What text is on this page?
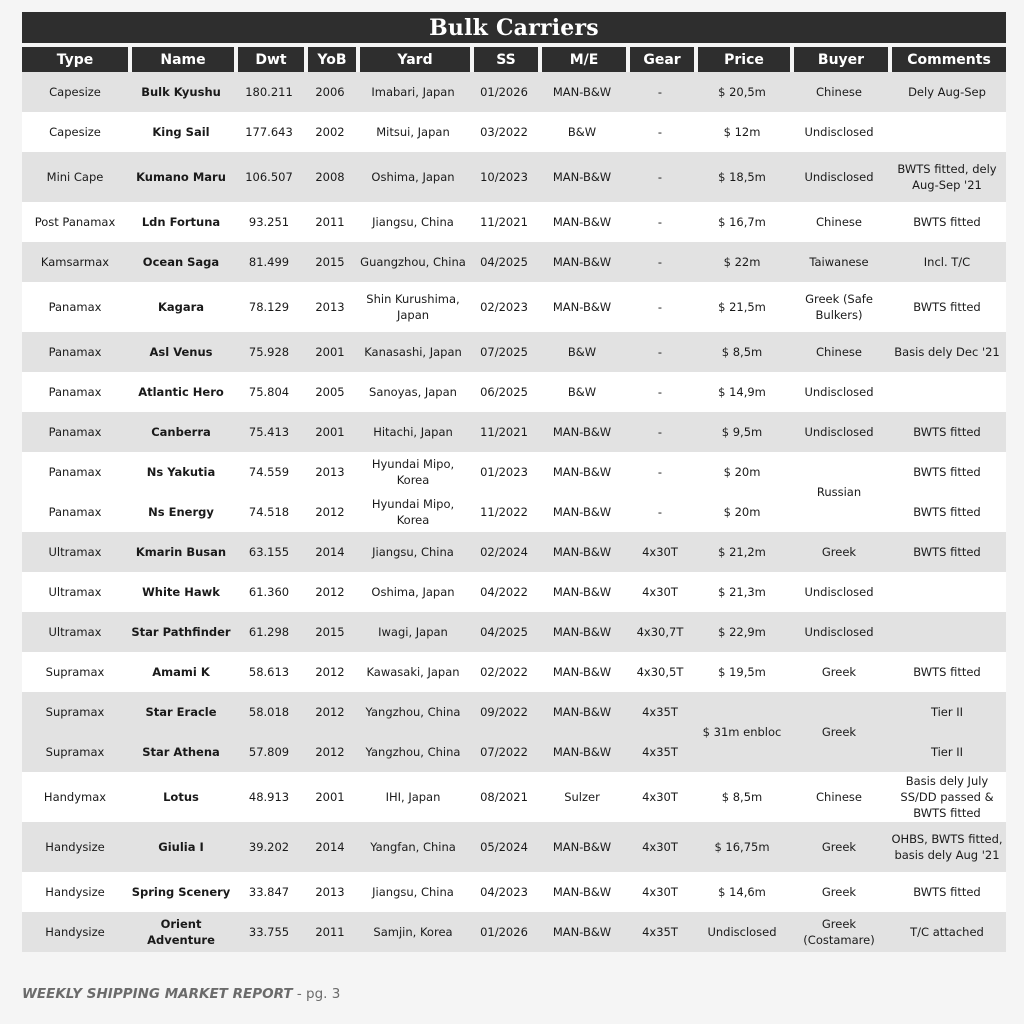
Bulk Carriers
Type	Name	Dwt	YoB	Yard	SS	M/E	Gear	Price	Buyer	Comments
Capesize	Bulk Kyushu	180.211	2006	Imabari, Japan	01/2026	MAN-B&W	-	$ 20,5m	Chinese	Dely Aug-Sep
Capesize	King Sail	177.643	2002	Mitsui, Japan	03/2022	B&W	-	$ 12m	Undisclosed	
Mini Cape	Kumano Maru	106.507	2008	Oshima, Japan	10/2023	MAN-B&W	-	$ 18,5m	Undisclosed	BWTS fitted, dely Aug-Sep '21
Post Panamax	Ldn Fortuna	93.251	2011	Jiangsu, China	11/2021	MAN-B&W	-	$ 16,7m	Chinese	BWTS fitted
Kamsarmax	Ocean Saga	81.499	2015	Guangzhou, China	04/2025	MAN-B&W	-	$ 22m	Taiwanese	Incl. T/C
Panamax	Kagara	78.129	2013	Shin Kurushima, Japan	02/2023	MAN-B&W	-	$ 21,5m	Greek (Safe Bulkers)	BWTS fitted
Panamax	Asl Venus	75.928	2001	Kanasashi, Japan	07/2025	B&W	-	$ 8,5m	Chinese	Basis dely Dec '21
Panamax	Atlantic Hero	75.804	2005	Sanoyas, Japan	06/2025	B&W	-	$ 14,9m	Undisclosed	
Panamax	Canberra	75.413	2001	Hitachi, Japan	11/2021	MAN-B&W	-	$ 9,5m	Undisclosed	BWTS fitted
Panamax	Ns Yakutia	74.559	2013	Hyundai Mipo, Korea	01/2023	MAN-B&W	-	$ 20m	Russian	BWTS fitted
Panamax	Ns Energy	74.518	2012	Hyundai Mipo, Korea	11/2022	MAN-B&W	-	$ 20m		BWTS fitted
Ultramax	Kmarin Busan	63.155	2014	Jiangsu, China	02/2024	MAN-B&W	4x30T	$ 21,2m	Greek	BWTS fitted
Ultramax	White Hawk	61.360	2012	Oshima, Japan	04/2022	MAN-B&W	4x30T	$ 21,3m	Undisclosed	
Ultramax	Star Pathfinder	61.298	2015	Iwagi, Japan	04/2025	MAN-B&W	4x30,7T	$ 22,9m	Undisclosed	
Supramax	Amami K	58.613	2012	Kawasaki, Japan	02/2022	MAN-B&W	4x30,5T	$ 19,5m	Greek	BWTS fitted
Supramax	Star Eracle	58.018	2012	Yangzhou, China	09/2022	MAN-B&W	4x35T	$ 31m enbloc	Greek	Tier II
Supramax	Star Athena	57.809	2012	Yangzhou, China	07/2022	MAN-B&W	4x35T			Tier II
Handymax	Lotus	48.913	2001	IHI, Japan	08/2021	Sulzer	4x30T	$ 8,5m	Chinese	Basis dely July SS/DD passed & BWTS fitted
Handysize	Giulia I	39.202	2014	Yangfan, China	05/2024	MAN-B&W	4x30T	$ 16,75m	Greek	OHBS, BWTS fitted, basis dely Aug '21
Handysize	Spring Scenery	33.847	2013	Jiangsu, China	04/2023	MAN-B&W	4x30T	$ 14,6m	Greek	BWTS fitted
Handysize	Orient Adventure	33.755	2011	Samjin, Korea	01/2026	MAN-B&W	4x35T	Undisclosed	Greek (Costamare)	T/C attached
WEEKLY SHIPPING MARKET REPORT - pg. 3
